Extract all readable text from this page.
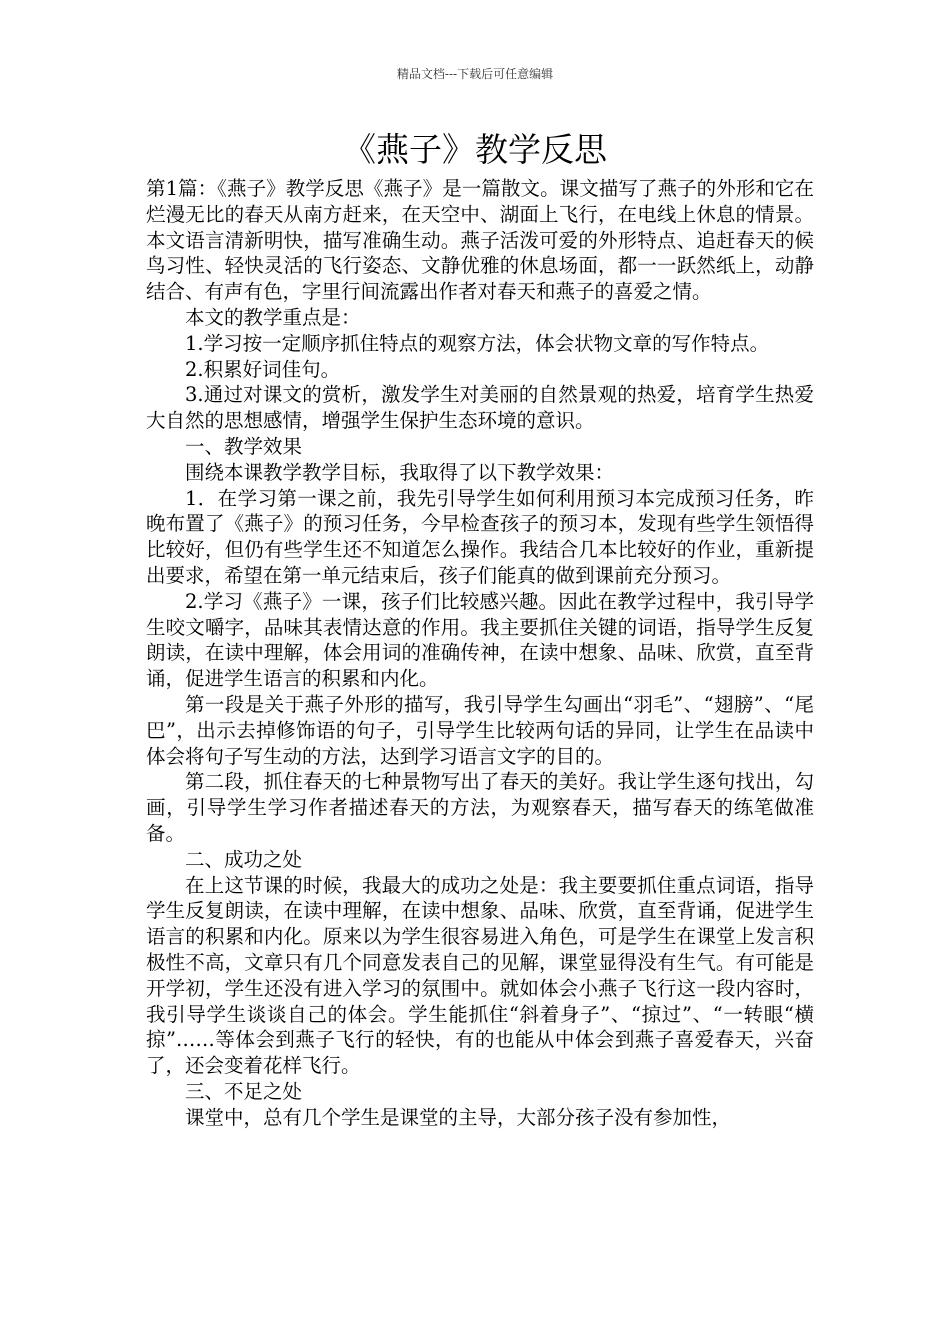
精品文档---下载后可任意编辑
《燕子》教学反思

第1篇：《燕子》教学反思《燕子》是一篇散文。课文描写了燕子的外形和它在烂漫无比的春天从南方赶来，在天空中、湖面上飞行，在电线上休息的情景。本文语言清新明快，描写准确生动。燕子活泼可爱的外形特点、追赶春天的候鸟习性、轻快灵活的飞行姿态、文静优雅的休息场面，都一一跃然纸上，动静结合、有声有色，字里行间流露出作者对春天和燕子的喜爱之情。

本文的教学重点是：

1.学习按一定顺序抓住特点的观察方法，体会状物文章的写作特点。

2.积累好词佳句。

3.通过对课文的赏析，激发学生对美丽的自然景观的热爱，培育学生热爱大自然的思想感情，增强学生保护生态环境的意识。

一、教学效果

围绕本课教学教学目标，我取得了以下教学效果：

1．在学习第一课之前，我先引导学生如何利用预习本完成预习任务，昨晚布置了《燕子》的预习任务，今早检查孩子的预习本，发现有些学生领悟得比较好，但仍有些学生还不知道怎么操作。我结合几本比较好的作业，重新提出要求，希望在第一单元结束后，孩子们能真的做到课前充分预习。

2.学习《燕子》一课，孩子们比较感兴趣。因此在教学过程中，我引导学生咬文嚼字，品味其表情达意的作用。我主要抓住关键的词语，指导学生反复朗读，在读中理解，体会用词的准确传神，在读中想象、品味、欣赏，直至背诵，促进学生语言的积累和内化。

第一段是关于燕子外形的描写，我引导学生勾画出“羽毛”、“翅膀”、“尾巴”，出示去掉修饰语的句子，引导学生比较两句话的异同，让学生在品读中体会将句子写生动的方法，达到学习语言文字的目的。

第二段，抓住春天的七种景物写出了春天的美好。我让学生逐句找出，勾画，引导学生学习作者描述春天的方法，为观察春天，描写春天的练笔做准备。

二、成功之处

在上这节课的时候，我最大的成功之处是：我主要要抓住重点词语，指导学生反复朗读，在读中理解，在读中想象、品味、欣赏，直至背诵，促进学生语言的积累和内化。原来以为学生很容易进入角色，可是学生在课堂上发言积极性不高，文章只有几个同意发表自己的见解，课堂显得没有生气。有可能是开学初，学生还没有进入学习的氛围中。就如体会小燕子飞行这一段内容时，我引导学生谈谈自己的体会。学生能抓住“斜着身子”、“掠过”、“一转眼“横掠”……等体会到燕子飞行的轻快，有的也能从中体会到燕子喜爱春天，兴奋了，还会变着花样飞行。

三、不足之处

课堂中，总有几个学生是课堂的主导，大部分孩子没有参加性，
